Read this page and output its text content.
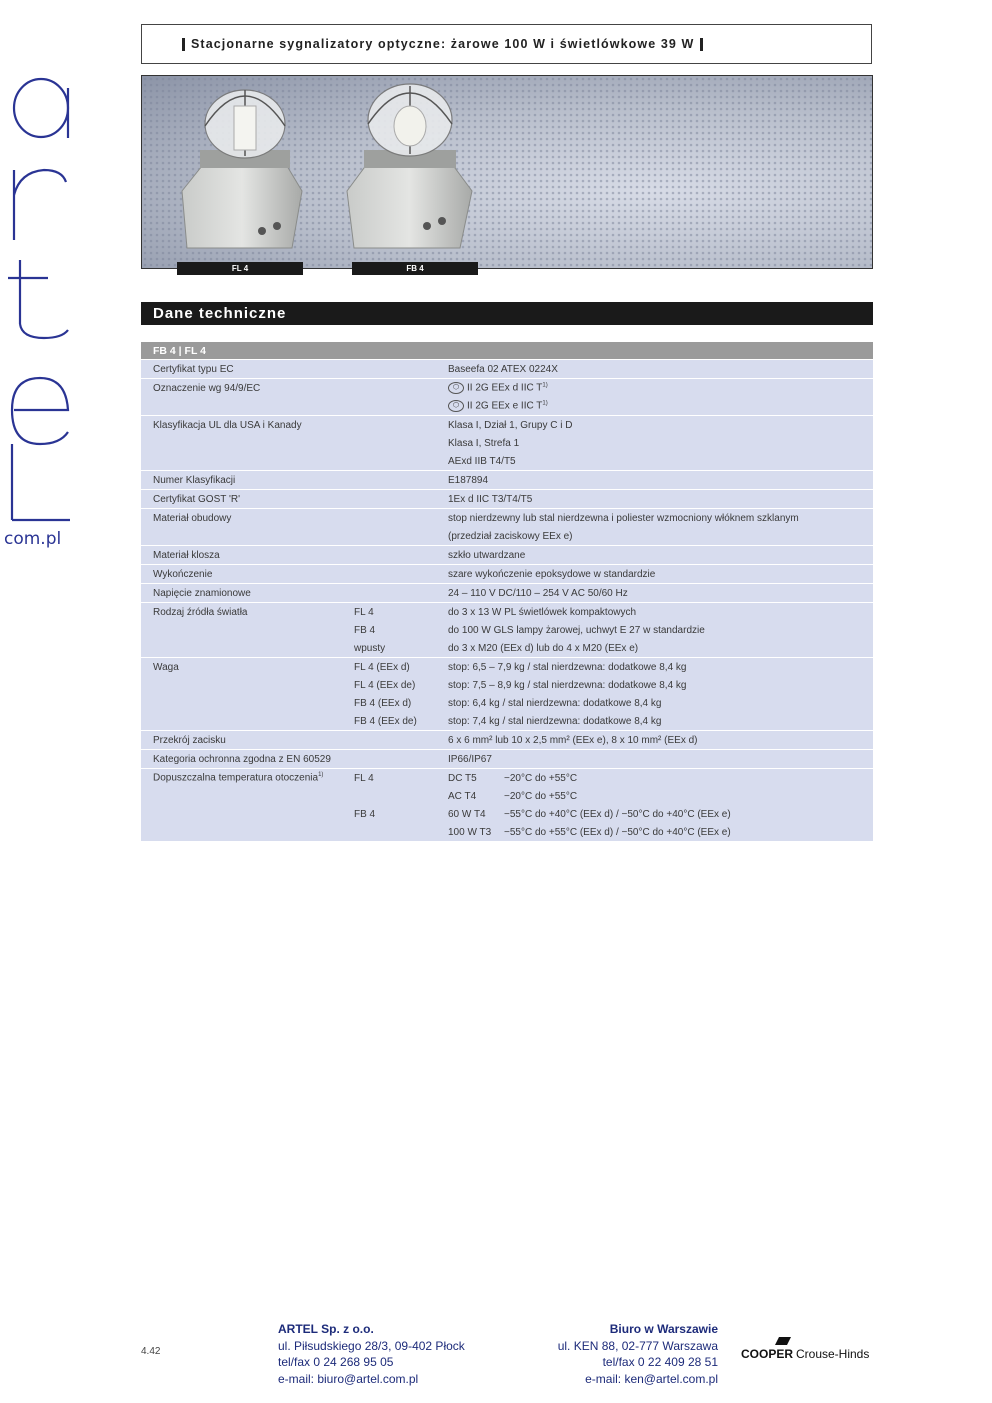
com.pl
Stacjonarne sygnalizatory optyczne: żarowe 100 W i świetlówkowe 39 W
FL 4	FB 4
Dane techniczne
FB 4 | FL 4		
Certyfikat typu EC		Baseefa 02 ATEX 0224X
Oznaczenie wg 94/9/EC		⬡ II 2G EEx d IIC $T^{1)}$
		⬡ II 2G EEx e IIC $T^{1)}$
Klasyfikacja UL dla USA i Kanady		Klasa I, Dział 1, Grupy C i D
		Klasa I, Strefa 1
		AExd IIB T4/T5
Numer Klasyfikacji		E187894
Certyfikat GOST 'R'		1Ex d IIC T3/T4/T5
Materiał obudowy		stop nierdzewny lub stal nierdzewna i poliester wzmocniony włóknem szklanym
		(przedział zaciskowy EEx e)
Materiał klosza		szkło utwardzane
Wykończenie		szare wykończenie epoksydowe w standardzie
Napięcie znamionowe		24 – 110 V DC/110 – 254 V AC 50/60 Hz
Rodzaj źródła światła	FL 4	do 3 x 13 W PL świetlówek kompaktowych
	FB 4	do 100 W GLS lampy żarowej, uchwyt E 27 w standardzie
	wpusty	do 3 x M20 (EEx d) lub do 4 x M20 (EEx e)
Waga	FL 4 (EEx d)	stop: 6,5 – 7,9 kg / stal nierdzewna: dodatkowe 8,4 kg
	FL 4 (EEx de)	stop: 7,5 – 8,9 kg / stal nierdzewna: dodatkowe 8,4 kg
	FB 4 (EEx d)	stop: 6,4 kg / stal nierdzewna: dodatkowe 8,4 kg
	FB 4 (EEx de)	stop: 7,4 kg / stal nierdzewna: dodatkowe 8,4 kg
Przekrój zacisku		6 x 6 mm² lub 10 x 2,5 mm² (EEx e), 8 x 10 mm² (EEx d)
Kategoria ochronna zgodna z EN 60529		IP66/IP67
Dopuszczalna temperatura otoczenia$^{1)}$	FL 4	DC T5 −20°C do +55°C
		AC T4 −20°C do +55°C
	FB 4	60 W T4 −55°C do +40°C (EEx d) / −50°C do +40°C (EEx e)
		100 W T3 −55°C do +55°C (EEx d) / −50°C do +40°C (EEx e)
4.42
ARTEL Sp. z o.o.
ul. Piłsudskiego 28/3, 09-402 Płock
tel/fax 0 24 268 95 05
e-mail: biuro@artel.com.pl
Biuro w Warszawie
ul. KEN 88, 02-777 Warszawa
tel/fax 0 22 409 28 51
e-mail: ken@artel.com.pl
COOPER Crouse-Hinds
